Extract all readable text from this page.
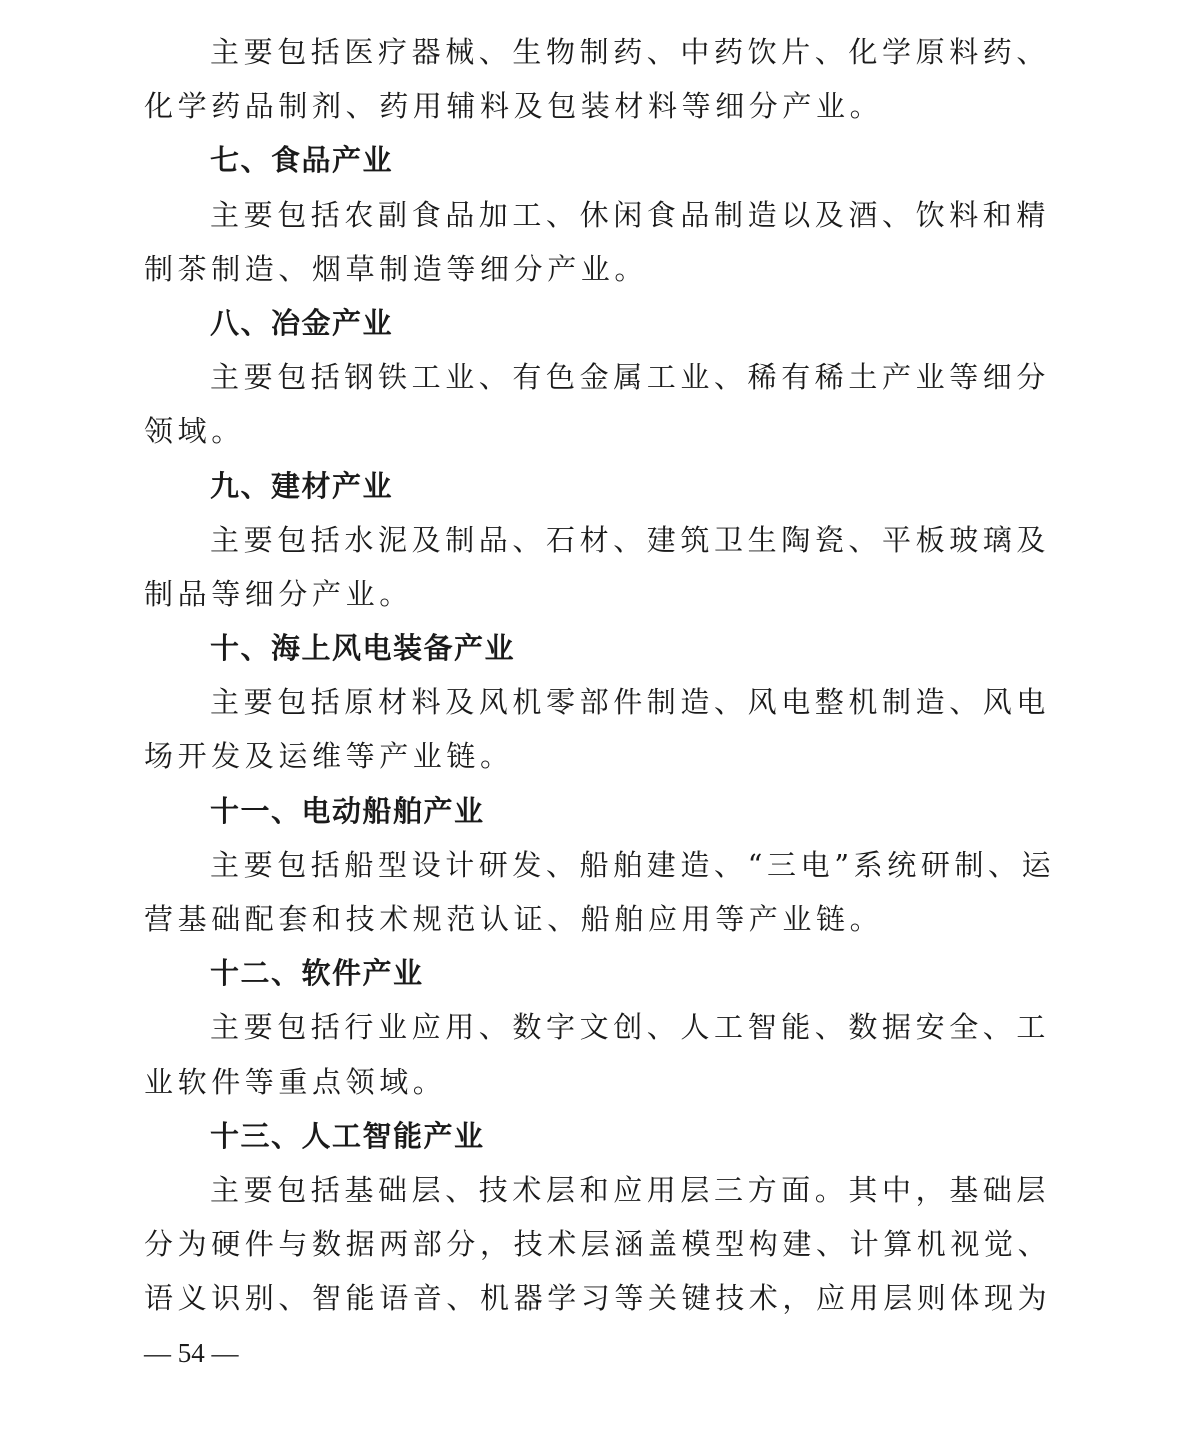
主要包括医疗器械、生物制药、中药饮片、化学原料药、

化学药品制剂、药用辅料及包装材料等细分产业。

七、食品产业

主要包括农副食品加工、休闲食品制造以及酒、饮料和精

制茶制造、烟草制造等细分产业。

八、冶金产业

主要包括钢铁工业、有色金属工业、稀有稀土产业等细分

领域。

九、建材产业

主要包括水泥及制品、石材、建筑卫生陶瓷、平板玻璃及

制品等细分产业。

十、海上风电装备产业

主要包括原材料及风机零部件制造、风电整机制造、风电

场开发及运维等产业链。

十一、电动船舶产业

主要包括船型设计研发、船舶建造、“三电”系统研制、运

营基础配套和技术规范认证、船舶应用等产业链。

十二、软件产业

主要包括行业应用、数字文创、人工智能、数据安全、工

业软件等重点领域。

十三、人工智能产业

主要包括基础层、技术层和应用层三方面。其中，基础层

分为硬件与数据两部分，技术层涵盖模型构建、计算机视觉、

语义识别、智能语音、机器学习等关键技术，应用层则体现为

— 54 —
